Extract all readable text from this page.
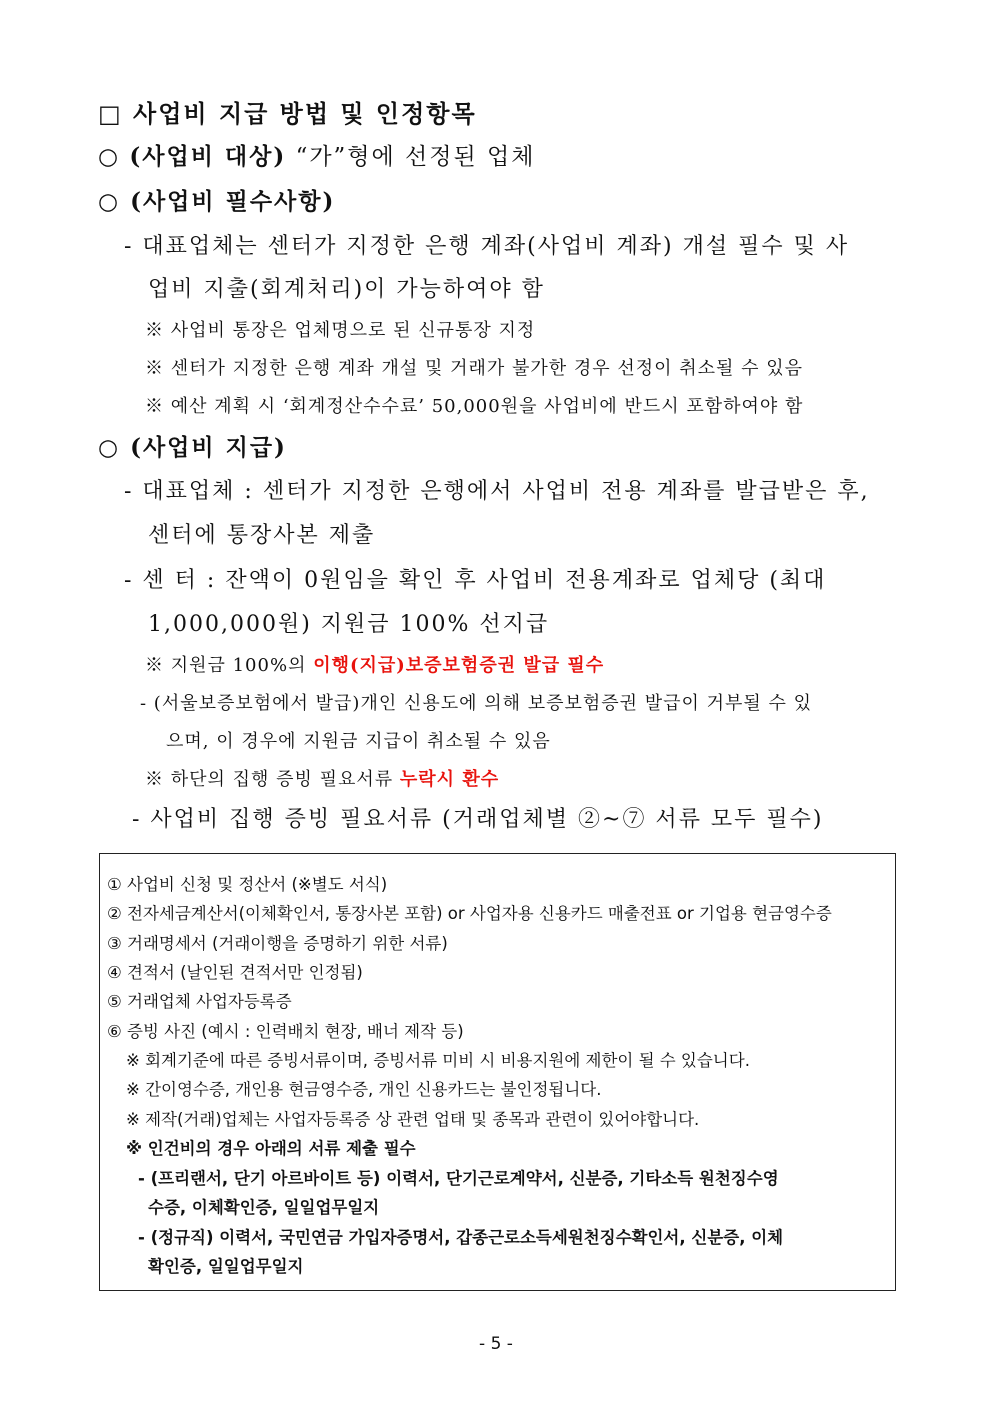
□ 사업비 지급 방법 및 인정항목
○ (사업비 대상) “가”형에 선정된 업체
○ (사업비 필수사항)
- 대표업체는 센터가 지정한 은행 계좌(사업비 계좌) 개설 필수 및 사
업비 지출(회계처리)이 가능하여야 함
※ 사업비 통장은 업체명으로 된 신규통장 지정
※ 센터가 지정한 은행 계좌 개설 및 거래가 불가한 경우 선정이 취소될 수 있음
※ 예산 계획 시 ‘회계정산수수료’ 50,000원을 사업비에 반드시 포함하여야 함
○ (사업비 지급)
- 대표업체 : 센터가 지정한 은행에서 사업비 전용 계좌를 발급받은 후,
센터에 통장사본 제출
- 센 터 : 잔액이 0원임을 확인 후 사업비 전용계좌로 업체당 (최대
1,000,000원) 지원금 100% 선지급
※ 지원금 100%의 이행(지급)보증보험증권 발급 필수
- (서울보증보험에서 발급)개인 신용도에 의해 보증보험증권 발급이 거부될 수 있
으며, 이 경우에 지원금 지급이 취소될 수 있음
※ 하단의 집행 증빙 필요서류 누락시 환수
- 사업비 집행 증빙 필요서류 (거래업체별 ②~⑦ 서류 모두 필수)
① 사업비 신청 및 정산서 (※별도 서식)
② 전자세금계산서(이체확인서, 통장사본 포함) or 사업자용 신용카드 매출전표 or 기업용 현금영수증
③ 거래명세서 (거래이행을 증명하기 위한 서류)
④ 견적서 (날인된 견적서만 인정됨)
⑤ 거래업체 사업자등록증
⑥ 증빙 사진 (예시 : 인력배치 현장, 배너 제작 등)
※ 회계기준에 따른 증빙서류이며, 증빙서류 미비 시 비용지원에 제한이 될 수 있습니다.
※ 간이영수증, 개인용 현금영수증, 개인 신용카드는 불인정됩니다.
※ 제작(거래)업체는 사업자등록증 상 관련 업태 및 종목과 관련이 있어야합니다.
※ 인건비의 경우 아래의 서류 제출 필수
- (프리랜서, 단기 아르바이트 등) 이력서, 단기근로계약서, 신분증, 기타소득 원천징수영
수증, 이체확인증, 일일업무일지
- (정규직) 이력서, 국민연금 가입자증명서, 갑종근로소득세원천징수확인서, 신분증, 이체
확인증, 일일업무일지
- 5 -
